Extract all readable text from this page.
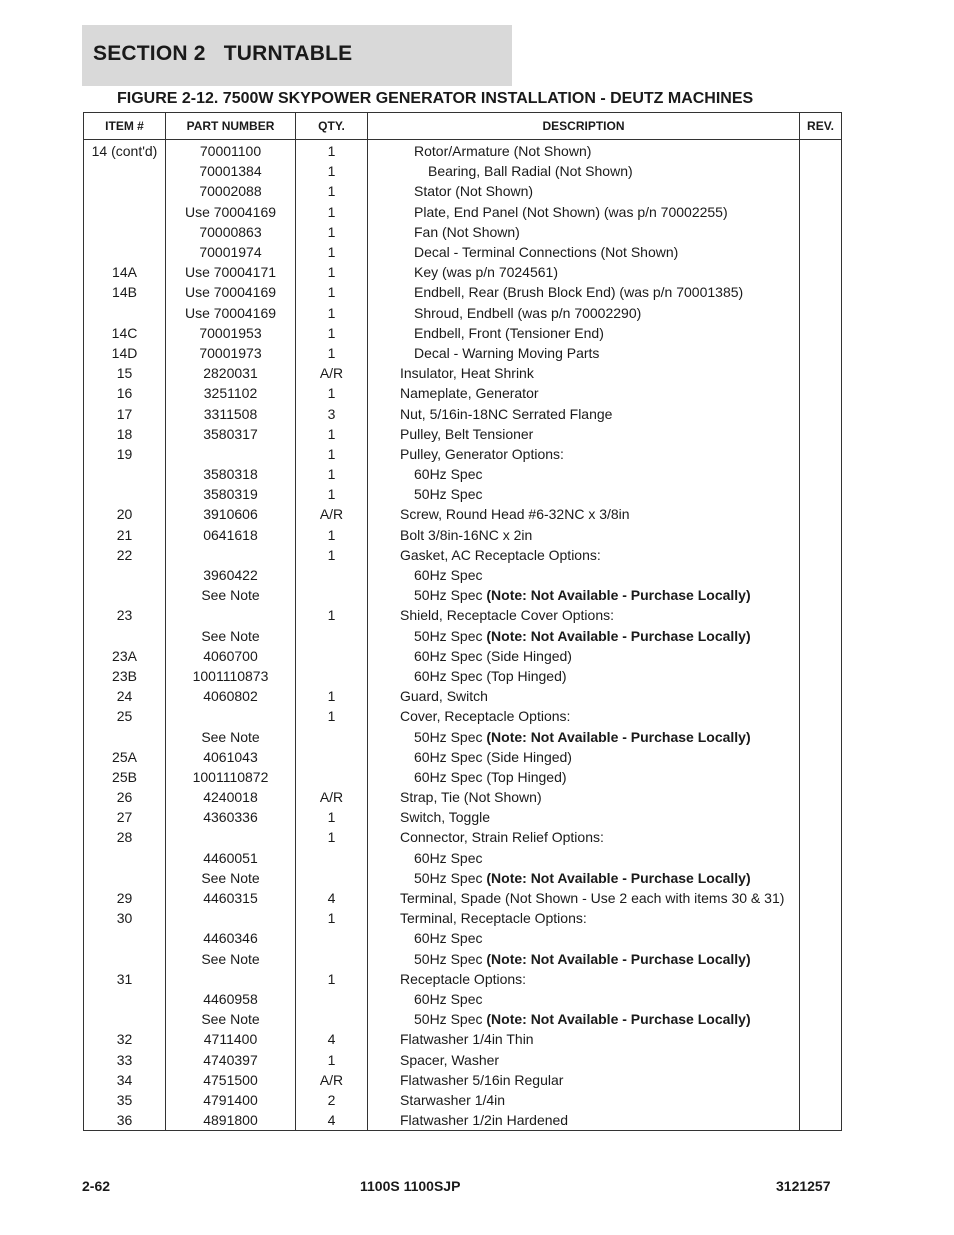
SECTION 2   TURNTABLE
FIGURE 2-12. 7500W SKYPOWER GENERATOR INSTALLATION - DEUTZ MACHINES
ITEM #	PART NUMBER	QTY.	DESCRIPTION	REV.
14 (cont'd)	70001100	1	Rotor/Armature (Not Shown)	
	70001384	1	Bearing, Ball Radial (Not Shown)	
	70002088	1	Stator (Not Shown)	
	Use 70004169	1	Plate, End Panel (Not Shown) (was p/n 70002255)	
	70000863	1	Fan (Not Shown)	
	70001974	1	Decal - Terminal Connections (Not Shown)	
14A	Use 70004171	1	Key (was p/n 7024561)	
14B	Use 70004169	1	Endbell, Rear (Brush Block End) (was p/n 70001385)	
	Use 70004169	1	Shroud, Endbell (was p/n 70002290)	
14C	70001953	1	Endbell, Front (Tensioner End)	
14D	70001973	1	Decal - Warning Moving Parts	
15	2820031	A/R	Insulator, Heat Shrink	
16	3251102	1	Nameplate, Generator	
17	3311508	3	Nut, 5/16in-18NC Serrated Flange	
18	3580317	1	Pulley, Belt Tensioner	
19		1	Pulley, Generator Options:	
	3580318	1	60Hz Spec	
	3580319	1	50Hz Spec	
20	3910606	A/R	Screw, Round Head #6-32NC x 3/8in	
21	0641618	1	Bolt 3/8in-16NC x 2in	
22		1	Gasket, AC Receptacle Options:	
	3960422		60Hz Spec	
	See Note		50Hz Spec (Note: Not Available - Purchase Locally)	
23		1	Shield, Receptacle Cover Options:	
	See Note		50Hz Spec (Note: Not Available - Purchase Locally)	
23A	4060700		60Hz Spec (Side Hinged)	
23B	1001110873		60Hz Spec (Top Hinged)	
24	4060802	1	Guard, Switch	
25		1	Cover, Receptacle Options:	
	See Note		50Hz Spec (Note: Not Available - Purchase Locally)	
25A	4061043		60Hz Spec (Side Hinged)	
25B	1001110872		60Hz Spec (Top Hinged)	
26	4240018	A/R	Strap, Tie (Not Shown)	
27	4360336	1	Switch, Toggle	
28		1	Connector, Strain Relief Options:	
	4460051		60Hz Spec	
	See Note		50Hz Spec (Note: Not Available - Purchase Locally)	
29	4460315	4	Terminal, Spade (Not Shown - Use 2 each with items 30 & 31)	
30		1	Terminal, Receptacle Options:	
	4460346		60Hz Spec	
	See Note		50Hz Spec (Note: Not Available - Purchase Locally)	
31		1	Receptacle Options:	
	4460958		60Hz Spec	
	See Note		50Hz Spec (Note: Not Available - Purchase Locally)	
32	4711400	4	Flatwasher 1/4in Thin	
33	4740397	1	Spacer, Washer	
34	4751500	A/R	Flatwasher 5/16in Regular	
35	4791400	2	Starwasher 1/4in	
36	4891800	4	Flatwasher 1/2in Hardened	
2-62	1100S 1100SJP	3121257
